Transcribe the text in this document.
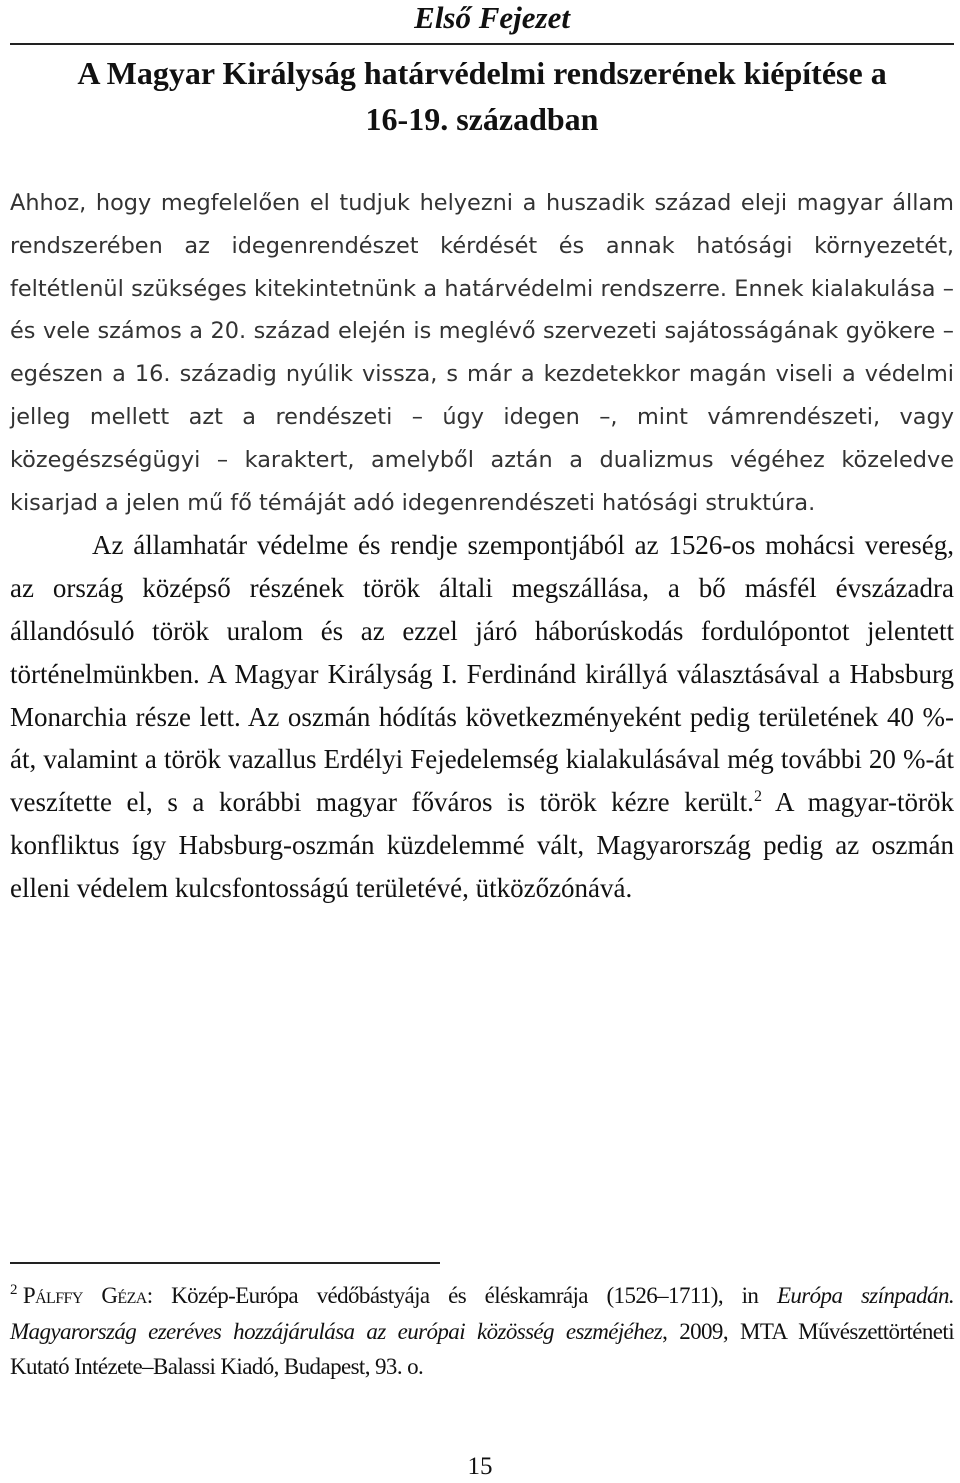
Első Fejezet
A Magyar Királyság határvédelmi rendszerének kiépítése a
16-19. században

Ahhoz, hogy megfelelően el tudjuk helyezni a huszadik század eleji magyar állam rendszerében az idegenrendészet kérdését és annak hatósági környezetét, feltétlenül szükséges kitekintetnünk a határvédelmi rendszerre. Ennek kialakulása – és vele számos a 20. század elején is meglévő szervezeti sajátosságának gyökere – egészen a 16. századig nyúlik vissza, s már a kezdetekkor magán viseli a védelmi jelleg mellett azt a rendészeti – úgy idegen –, mint vámrendészeti, vagy közegészségügyi – karaktert, amelyből aztán a dualizmus végéhez közeledve kisarjad a jelen mű fő témáját adó idegenrendészeti hatósági struktúra.

Az államhatár védelme és rendje szempontjából az 1526-os mohácsi vereség, az ország középső részének török általi megszállása, a bő másfél évszázadra állandósuló török uralom és az ezzel járó háborúskodás fordulópontot jelentett történelmünkben. A Magyar Királyság I. Ferdinánd királlyá választásával a Habsburg Monarchia része lett. Az oszmán hódítás következményeként pedig területének 40 %-át, valamint a török vazallus Erdélyi Fejedelemség kialakulásával még további 20 %-át veszítette el, s a korábbi magyar főváros is török kézre került.$^2$ A magyar-török konfliktus így Habsburg-oszmán küzdelemmé vált, Magyarország pedig az oszmán elleni védelem kulcsfontosságú területévé, ütközőzónává.

$^2$ Pálffy Géza: Közép-Európa védőbástyája és éléskamrája (1526–1711), in Európa színpadán. Magyarország ezeréves hozzájárulása az európai közösség eszméjéhez, 2009, MTA Művészettörténeti Kutató Intézete–Balassi Kiadó, Budapest, 93. o.
15
